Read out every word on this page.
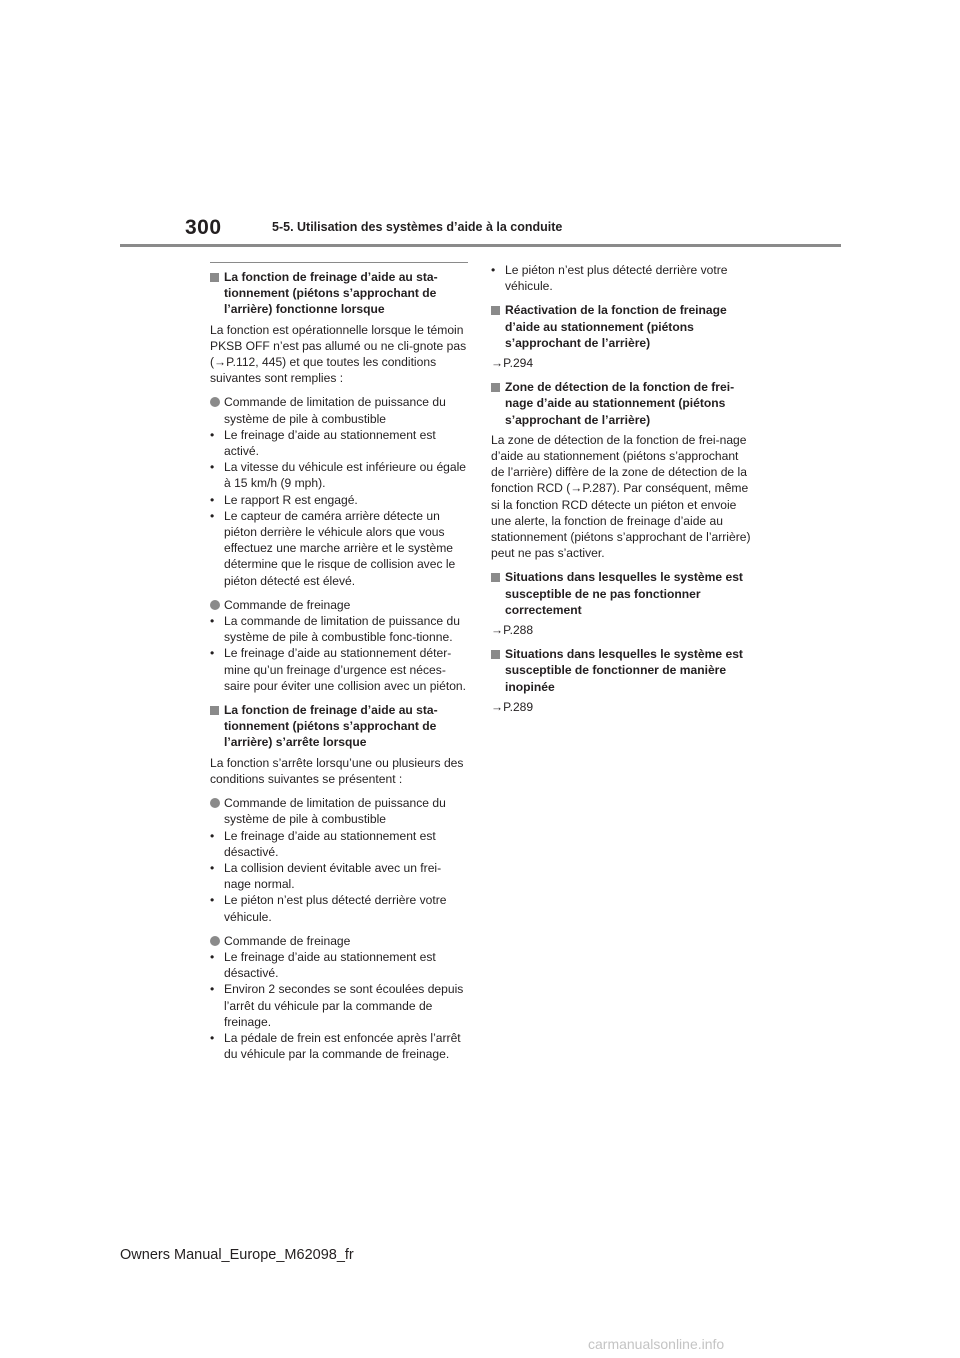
300	5-5. Utilisation des systèmes d’aide à la conduite
La fonction de freinage d’aide au sta-tionnement (piétons s’approchant de l’arrière) fonctionne lorsque

La fonction est opérationnelle lorsque le témoin PKSB OFF n’est pas allumé ou ne cli-gnote pas (→P.112, 445) et que toutes les conditions suivantes sont remplies :

Commande de limitation de puissance du système de pile à combustible
• Le freinage d’aide au stationnement est activé.
• La vitesse du véhicule est inférieure ou égale à 15 km/h (9 mph).
• Le rapport R est engagé.
• Le capteur de caméra arrière détecte un piéton derrière le véhicule alors que vous effectuez une marche arrière et le système détermine que le risque de collision avec le piéton détecté est élevé.
Commande de freinage
• La commande de limitation de puissance du système de pile à combustible fonc-tionne.
• Le freinage d’aide au stationnement déter-mine qu’un freinage d’urgence est néces-saire pour éviter une collision avec un piéton.
La fonction de freinage d’aide au sta-tionnement (piétons s’approchant de l’arrière) s’arrête lorsque

La fonction s’arrête lorsqu’une ou plusieurs des conditions suivantes se présentent :

Commande de limitation de puissance du système de pile à combustible
• Le freinage d’aide au stationnement est désactivé.
• La collision devient évitable avec un frei-nage normal.
• Le piéton n’est plus détecté derrière votre véhicule.
Commande de freinage
• Le freinage d’aide au stationnement est désactivé.
• Environ 2 secondes se sont écoulées depuis l’arrêt du véhicule par la commande de freinage.
• La pédale de frein est enfoncée après l’arrêt du véhicule par la commande de freinage.
• Le piéton n’est plus détecté derrière votre véhicule.
Réactivation de la fonction de freinage d’aide au stationnement (piétons s’approchant de l’arrière)

→P.294

Zone de détection de la fonction de frei-nage d’aide au stationnement (piétons s’approchant de l’arrière)

La zone de détection de la fonction de frei-nage d’aide au stationnement (piétons s’approchant de l’arrière) diffère de la zone de détection de la fonction RCD (→P.287). Par conséquent, même si la fonction RCD détecte un piéton et envoie une alerte, la fonction de freinage d’aide au stationnement (piétons s’approchant de l’arrière) peut ne pas s’activer.

Situations dans lesquelles le système est susceptible de ne pas fonctionner correctement

→P.288

Situations dans lesquelles le système est susceptible de fonctionner de manière inopinée

→P.289

Owners Manual_Europe_M62098_fr
carmanualsonline.info
